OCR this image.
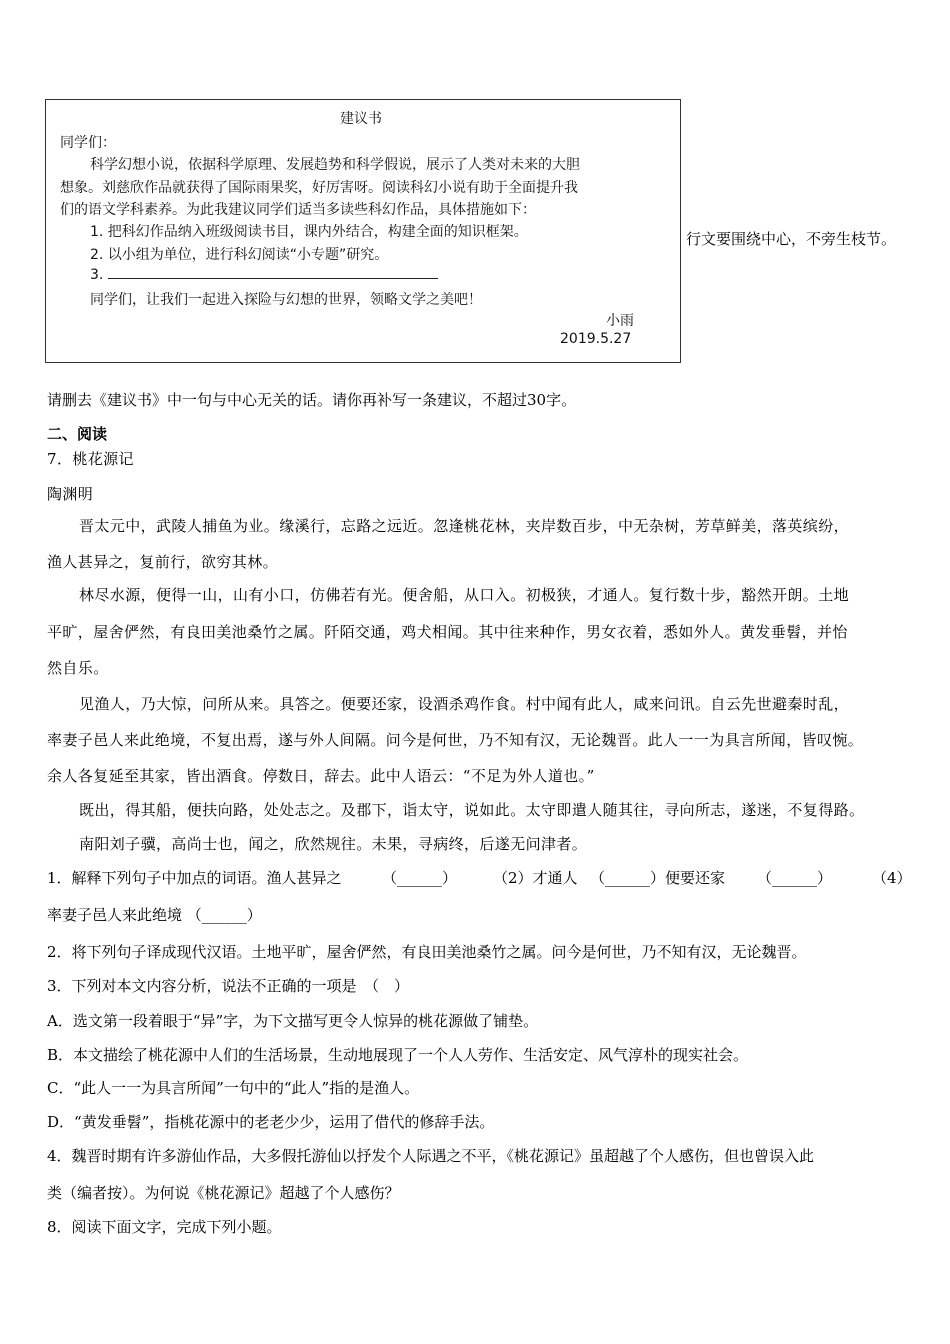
建议书
同学们：
科学幻想小说，依据科学原理、发展趋势和科学假说，展示了人类对未来的大胆
想象。刘慈欣作品就获得了国际雨果奖，好厉害呀。阅读科幻小说有助于全面提升我
们的语文学科素养。为此我建议同学们适当多读些科幻作品，具体措施如下：
1. 把科幻作品纳入班级阅读书目，课内外结合，构建全面的知识框架。
2. 以小组为单位，进行科幻阅读“小专题”研究。
3.
同学们，让我们一起进入探险与幻想的世界，领略文学之美吧！
小雨
2019.5.27
行文要围绕中心，不旁生枝节。
请删去《建议书》中一句与中心无关的话。请你再补写一条建议，不超过30字。
二、阅读
7．桃花源记
陶渊明
晋太元中，武陵人捕鱼为业。缘溪行，忘路之远近。忽逢桃花林，夹岸数百步，中无杂树，芳草鲜美，落英缤纷，
渔人甚异之，复前行，欲穷其林。
林尽水源，便得一山，山有小口，仿佛若有光。便舍船，从口入。初极狭，才通人。复行数十步，豁然开朗。土地
平旷，屋舍俨然，有良田美池桑竹之属。阡陌交通，鸡犬相闻。其中往来种作，男女衣着，悉如外人。黄发垂髫，并怡
然自乐。
见渔人，乃大惊，问所从来。具答之。便要还家，设酒杀鸡作食。村中闻有此人，咸来问讯。自云先世避秦时乱，
率妻子邑人来此绝境，不复出焉，遂与外人间隔。问今是何世，乃不知有汉，无论魏晋。此人一一为具言所闻，皆叹惋。
余人各复延至其家，皆出酒食。停数日，辞去。此中人语云：“不足为外人道也。”
既出，得其船，便扶向路，处处志之。及郡下，诣太守，说如此。太守即遣人随其往，寻向所志，遂迷，不复得路。
南阳刘子骥，高尚士也，闻之，欣然规往。未果，寻病终，后遂无问津者。
1．解释下列句子中加点的词语。渔人甚异之	（______） （2）才通人 （______）便要还家 （______）	（4）
率妻子邑人来此绝境 （______）
2．将下列句子译成现代汉语。土地平旷，屋舍俨然，有良田美池桑竹之属。问今是何世，乃不知有汉，无论魏晋。
3．下列对本文内容分析，说法不正确的一项是　（　）
A．选文第一段着眼于“异”字，为下文描写更令人惊异的桃花源做了铺垫。
B．本文描绘了桃花源中人们的生活场景，生动地展现了一个人人劳作、生活安定、风气淳朴的现实社会。
C．“此人一一为具言所闻”一句中的“此人”指的是渔人。
D．“黄发垂髫”，指桃花源中的老老少少，运用了借代的修辞手法。
4．魏晋时期有许多游仙作品，大多假托游仙以抒发个人际遇之不平，《桃花源记》虽超越了个人感伤，但也曾误入此
类（编者按）。为何说《桃花源记》超越了个人感伤？
8．阅读下面文字，完成下列小题。
